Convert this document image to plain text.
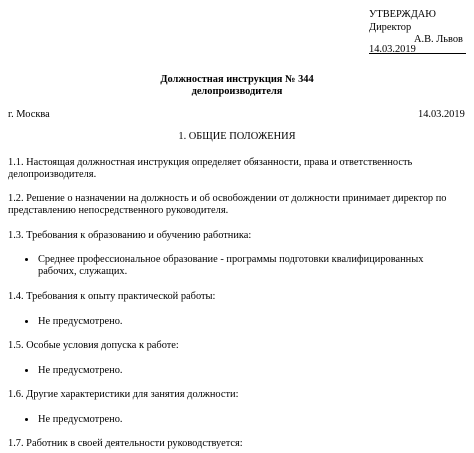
УТВЕРЖДАЮ
Директор
А.В. Львов
14.03.2019
Должностная инструкция № 344
делопроизводителя
г. Москва	14.03.2019
1. ОБЩИЕ ПОЛОЖЕНИЯ
1.1. Настоящая должностная инструкция определяет обязанности, права и ответственность
делопроизводителя.
1.2. Решение о назначении на должность и об освобождении от должности принимает директор по
представлению непосредственного руководителя.
1.3. Требования к образованию и обучению работника:
Среднее профессиональное образование - программы подготовки квалифицированных
рабочих, служащих.
1.4. Требования к опыту практической работы:
Не предусмотрено.
1.5. Особые условия допуска к работе:
Не предусмотрено.
1.6. Другие характеристики для занятия должности:
Не предусмотрено.
1.7. Работник в своей деятельности руководствуется:
